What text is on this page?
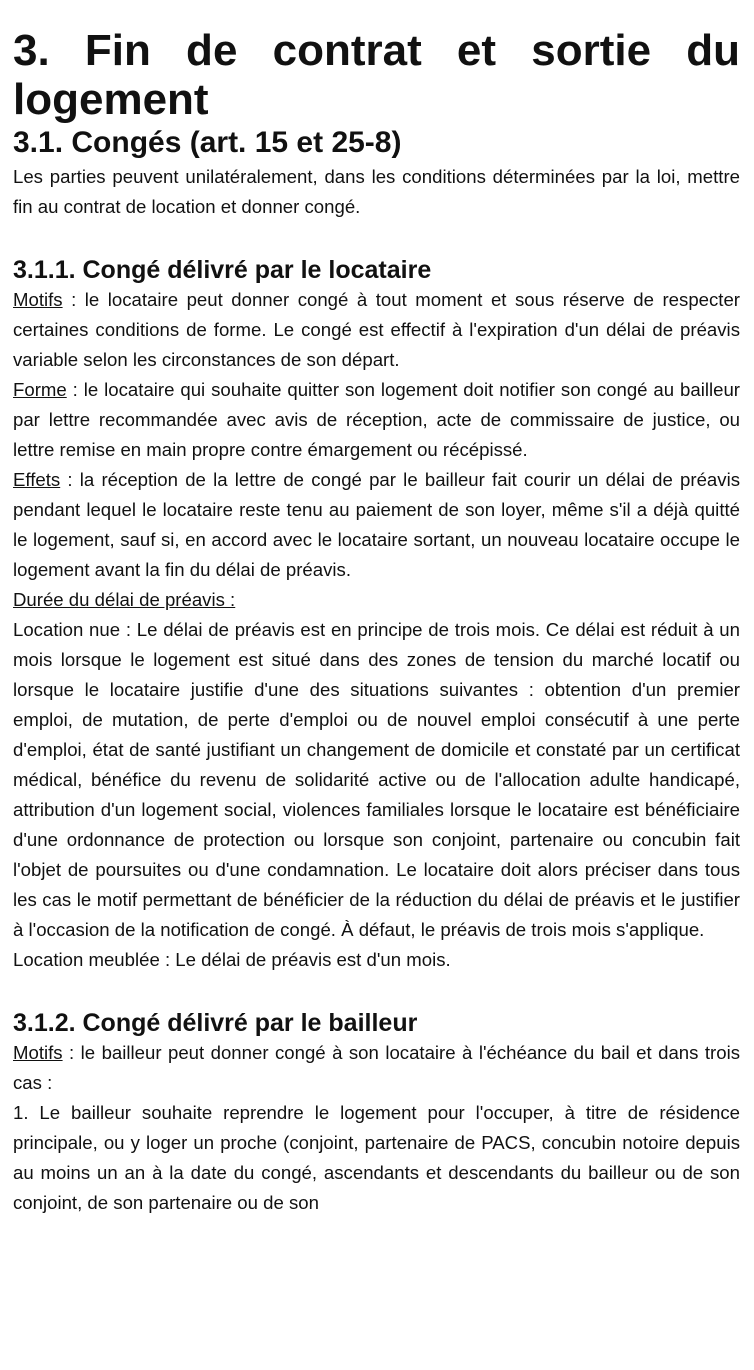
3. Fin de contrat et sortie du logement
3.1. Congés (art. 15 et 25-8)

Les parties peuvent unilatéralement, dans les conditions déterminées par la loi, mettre fin au contrat de location et donner congé.

3.1.1. Congé délivré par le locataire

Motifs : le locataire peut donner congé à tout moment et sous réserve de respecter certaines conditions de forme. Le congé est effectif à l'expiration d'un délai de préavis variable selon les circonstances de son départ.

Forme : le locataire qui souhaite quitter son logement doit notifier son congé au bailleur par lettre recommandée avec avis de réception, acte de commissaire de justice, ou lettre remise en main propre contre émargement ou récépissé.

Effets : la réception de la lettre de congé par le bailleur fait courir un délai de préavis pendant lequel le locataire reste tenu au paiement de son loyer, même s'il a déjà quitté le logement, sauf si, en accord avec le locataire sortant, un nouveau locataire occupe le logement avant la fin du délai de préavis.

Durée du délai de préavis :

Location nue : Le délai de préavis est en principe de trois mois. Ce délai est réduit à un mois lorsque le logement est situé dans des zones de tension du marché locatif ou lorsque le locataire justifie d'une des situations suivantes : obtention d'un premier emploi, de mutation, de perte d'emploi ou de nouvel emploi consécutif à une perte d'emploi, état de santé justifiant un changement de domicile et constaté par un certificat médical, bénéfice du revenu de solidarité active ou de l'allocation adulte handicapé, attribution d'un logement social, violences familiales lorsque le locataire est bénéficiaire d'une ordonnance de protection ou lorsque son conjoint, partenaire ou concubin fait l'objet de poursuites ou d'une condamnation. Le locataire doit alors préciser dans tous les cas le motif permettant de bénéficier de la réduction du délai de préavis et le justifier à l'occasion de la notification de congé. À défaut, le préavis de trois mois s'applique.

Location meublée : Le délai de préavis est d'un mois.

3.1.2. Congé délivré par le bailleur

Motifs : le bailleur peut donner congé à son locataire à l'échéance du bail et dans trois cas :

1. Le bailleur souhaite reprendre le logement pour l'occuper, à titre de résidence principale, ou y loger un proche (conjoint, partenaire de PACS, concubin notoire depuis au moins un an à la date du congé, ascendants et descendants du bailleur ou de son conjoint, de son partenaire ou de son
